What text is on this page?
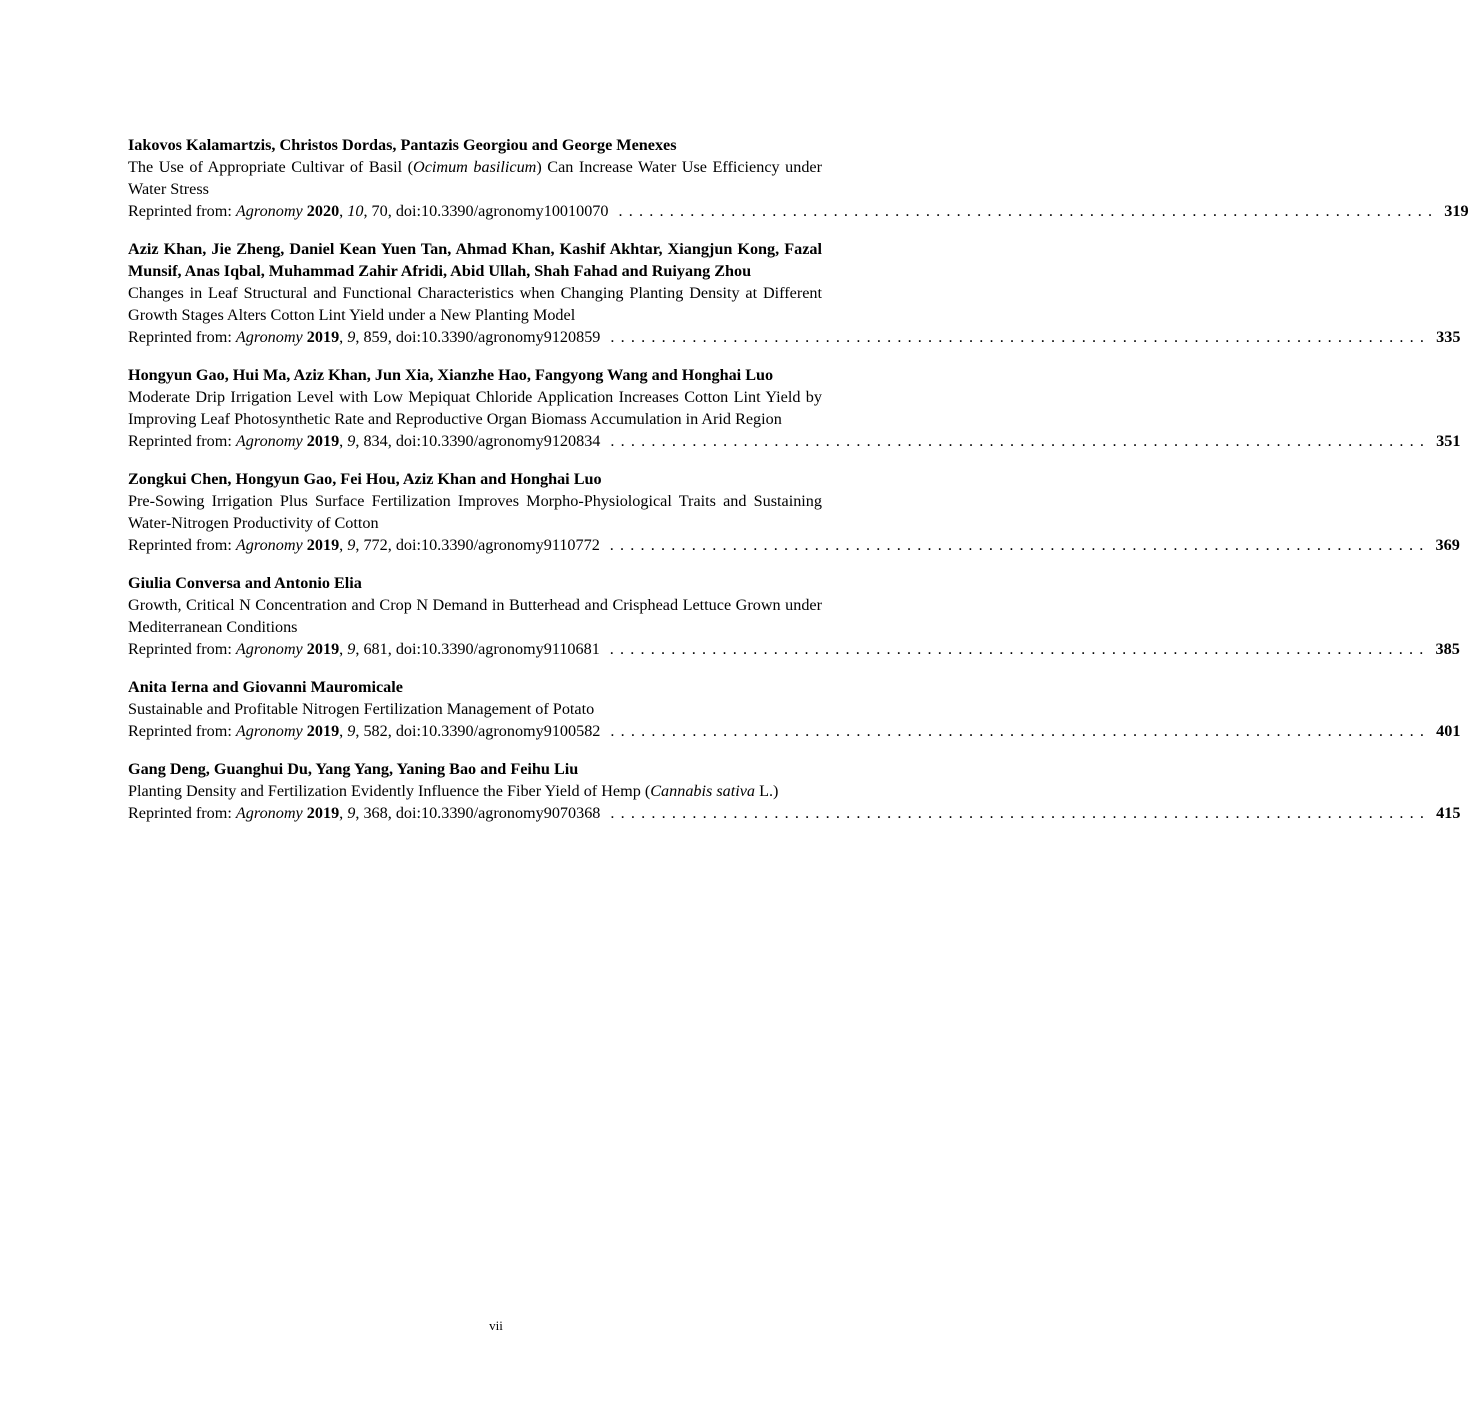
Iakovos Kalamartzis, Christos Dordas, Pantazis Georgiou and George Menexes
The Use of Appropriate Cultivar of Basil (Ocimum basilicum) Can Increase Water Use Efficiency under Water Stress
Reprinted from: Agronomy 2020, 10, 70, doi:10.3390/agronomy10010070 ................................................................................ 319
Aziz Khan, Jie Zheng, Daniel Kean Yuen Tan, Ahmad Khan, Kashif Akhtar, Xiangjun Kong, Fazal Munsif, Anas Iqbal, Muhammad Zahir Afridi, Abid Ullah, Shah Fahad and Ruiyang Zhou
Changes in Leaf Structural and Functional Characteristics when Changing Planting Density at Different Growth Stages Alters Cotton Lint Yield under a New Planting Model
Reprinted from: Agronomy 2019, 9, 859, doi:10.3390/agronomy9120859 ................................................................................ 335
Hongyun Gao, Hui Ma, Aziz Khan, Jun Xia, Xianzhe Hao, Fangyong Wang and Honghai Luo
Moderate Drip Irrigation Level with Low Mepiquat Chloride Application Increases Cotton Lint Yield by Improving Leaf Photosynthetic Rate and Reproductive Organ Biomass Accumulation in Arid Region
Reprinted from: Agronomy 2019, 9, 834, doi:10.3390/agronomy9120834 ................................................................................ 351
Zongkui Chen, Hongyun Gao, Fei Hou, Aziz Khan and Honghai Luo
Pre-Sowing Irrigation Plus Surface Fertilization Improves Morpho-Physiological Traits and Sustaining Water-Nitrogen Productivity of Cotton
Reprinted from: Agronomy 2019, 9, 772, doi:10.3390/agronomy9110772 ................................................................................ 369
Giulia Conversa and Antonio Elia
Growth, Critical N Concentration and Crop N Demand in Butterhead and Crisphead Lettuce Grown under Mediterranean Conditions
Reprinted from: Agronomy 2019, 9, 681, doi:10.3390/agronomy9110681 ................................................................................ 385
Anita Ierna and Giovanni Mauromicale
Sustainable and Profitable Nitrogen Fertilization Management of Potato
Reprinted from: Agronomy 2019, 9, 582, doi:10.3390/agronomy9100582 ................................................................................ 401
Gang Deng, Guanghui Du, Yang Yang, Yaning Bao and Feihu Liu
Planting Density and Fertilization Evidently Influence the Fiber Yield of Hemp (Cannabis sativa L.)
Reprinted from: Agronomy 2019, 9, 368, doi:10.3390/agronomy9070368 ................................................................................ 415
vii
